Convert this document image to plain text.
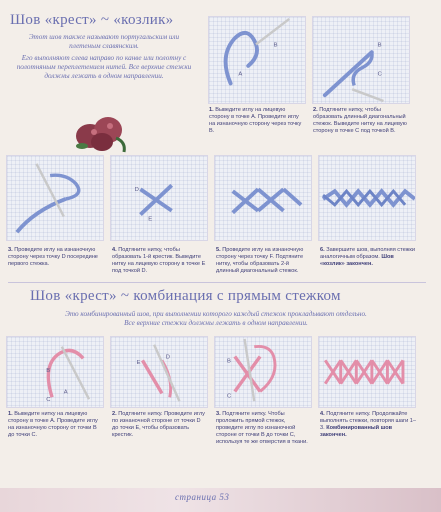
Шов «крест» ~ «козлик»

Этот шов также называют португальским или плетеным славянским.

Его выполняют слева направо по канве или полотну с полотняным переплетением нитей. Все верхние стежки должны лежать в одном направлении.	A
B
1. Выведите иглу на лицевую сторону в точке А. Проведите иглу на изнаночную сторону через точку В.
B
C
2. Подтяните нитку, чтобы образовать длинный диагональный стежок. Выведите нитку на лицевую сторону в точке С под точкой В.
3. Проведите иглу на изнаночную сторону через точку D посередине первого стежка.
D
E
4. Подтяните нитку, чтобы образовать 1-й крестик. Выведите нитку на лицевую сторону в точке Е под точкой D.
5. Проведите иглу на изнаночную сторону через точку F. Подтяните нитку, чтобы образовать 2-й длинный диагональный стежок.
6. Завершите шов, выполняя стежки аналогичным образом. Шов «козлик» закончен.
Шов «крест» ~ комбинация с прямым стежком

Это комбинированный шов, при выполнении которого каждый стежок прокладывают отдельно.

Все верхние стежки должны лежать в одном направлении.

B
A
C
1. Выведите нитку на лицевую сторону в точке А. Проведите иглу на изнаночную сторону от точки В до точки С.
E
D
2. Подтяните нитку. Проведите иглу по изнаночной стороне от точки D до точки Е, чтобы образовать крестик.
B
C
3. Подтяните нитку. Чтобы проложить прямой стежок, проведите иглу по изнаночной стороне от точки В до точки С, используя те же отверстия в ткани.
4. Подтяните нитку. Продолжайте выполнять стежки, повторяя шаги 1–3. Комбинированный шов закончен.
страница 53
